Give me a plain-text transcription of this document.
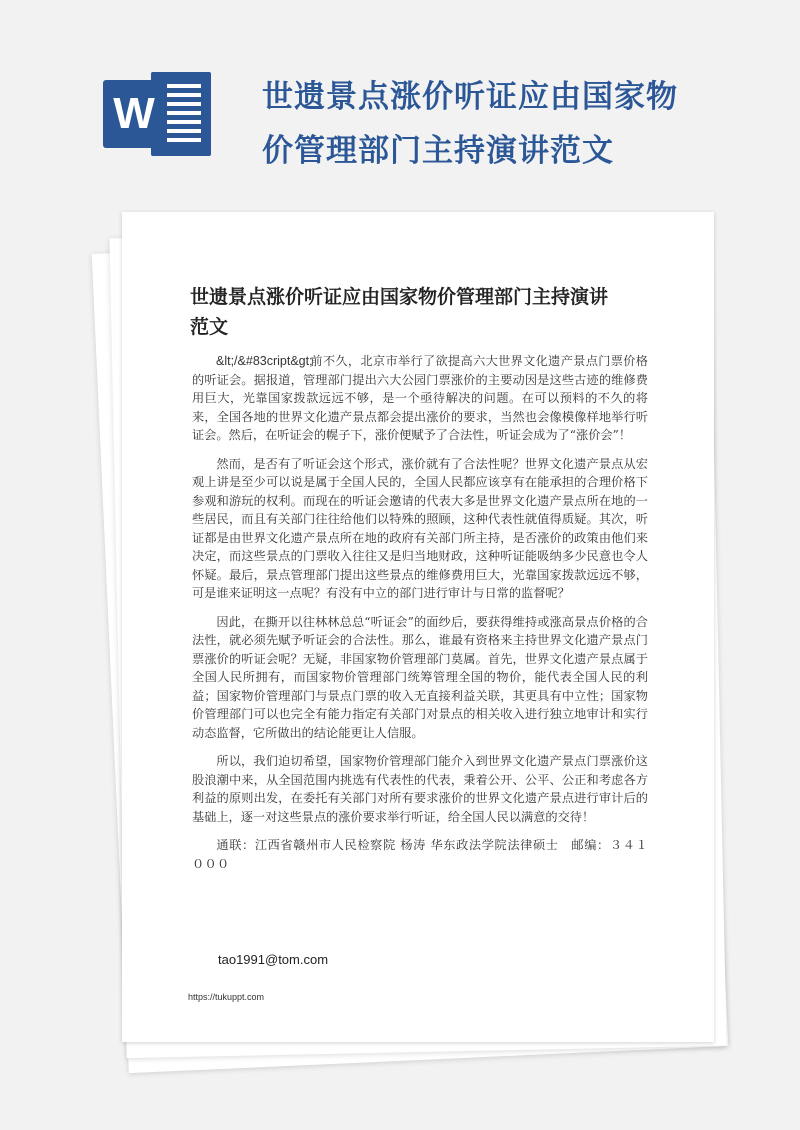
W	世遗景点涨价听证应由国家物
价管理部门主持演讲范文
世遗景点涨价听证应由国家物价管理部门主持演讲
范文

&lt;/&#83cript&gt;前不久，北京市举行了欲提高六大世界文化遗产景点门票价格的听证会。据报道，管理部门提出六大公园门票涨价的主要动因是这些古迹的维修费用巨大，光靠国家拨款远远不够，是一个亟待解决的问题。在可以预料的不久的将来，全国各地的世界文化遗产景点都会提出涨价的要求，当然也会像模像样地举行听证会。然后，在听证会的幌子下，涨价便赋予了合法性，听证会成为了“涨价会”！

然而，是否有了听证会这个形式，涨价就有了合法性呢？世界文化遗产景点从宏观上讲是至少可以说是属于全国人民的，全国人民都应该享有在能承担的合理价格下参观和游玩的权利。而现在的听证会邀请的代表大多是世界文化遗产景点所在地的一些居民，而且有关部门往往给他们以特殊的照顾，这种代表性就值得质疑。其次，听证都是由世界文化遗产景点所在地的政府有关部门所主持，是否涨价的政策由他们来决定，而这些景点的门票收入往往又是归当地财政，这种听证能吸纳多少民意也令人怀疑。最后，景点管理部门提出这些景点的维修费用巨大，光靠国家拨款远远不够，可是谁来证明这一点呢？有没有中立的部门进行审计与日常的监督呢？

因此，在撕开以往林林总总“听证会”的面纱后，要获得维持或涨高景点价格的合法性，就必须先赋予听证会的合法性。那么，谁最有资格来主持世界文化遗产景点门票涨价的听证会呢？无疑，非国家物价管理部门莫属。首先，世界文化遗产景点属于全国人民所拥有，而国家物价管理部门统筹管理全国的物价，能代表全国人民的利益；国家物价管理部门与景点门票的收入无直接利益关联，其更具有中立性；国家物价管理部门可以也完全有能力指定有关部门对景点的相关收入进行独立地审计和实行动态监督，它所做出的结论能更让人信服。

所以，我们迫切希望，国家物价管理部门能介入到世界文化遗产景点门票涨价这股浪潮中来，从全国范围内挑选有代表性的代表，秉着公开、公平、公正和考虑各方利益的原则出发，在委托有关部门对所有要求涨价的世界文化遗产景点进行审计后的基础上，逐一对这些景点的涨价要求举行听证，给全国人民以满意的交待！

通联：江西省赣州市人民检察院 杨涛 华东政法学院法律硕士　邮编：３４１０００

tao1991@tom.com
https://tukuppt.com
